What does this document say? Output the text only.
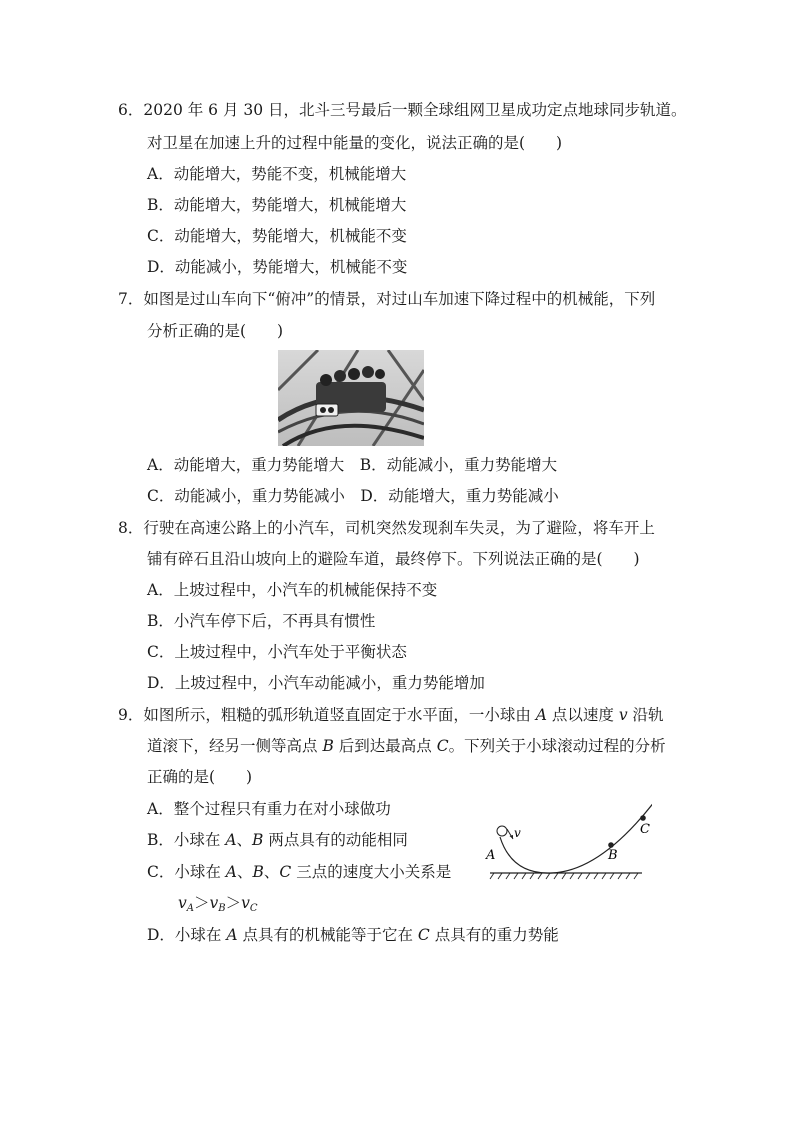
6．2020 年 6 月 30 日，北斗三号最后一颗全球组网卫星成功定点地球同步轨道。
对卫星在加速上升的过程中能量的变化，说法正确的是(　　)
A．动能增大，势能不变，机械能增大
B．动能增大，势能增大，机械能增大
C．动能增大，势能增大，机械能不变
D．动能减小，势能增大，机械能不变
7．如图是过山车向下“俯冲”的情景，对过山车加速下降过程中的机械能，下列
分析正确的是(　　)
A．动能增大，重力势能增大　B．动能减小，重力势能增大
C．动能减小，重力势能减小　D．动能增大，重力势能减小
8．行驶在高速公路上的小汽车，司机突然发现刹车失灵，为了避险，将车开上
铺有碎石且沿山坡向上的避险车道，最终停下。下列说法正确的是(　　)
A．上坡过程中，小汽车的机械能保持不变
B．小汽车停下后，不再具有惯性
C．上坡过程中，小汽车处于平衡状态
D．上坡过程中，小汽车动能减小，重力势能增加
9．如图所示，粗糙的弧形轨道竖直固定于水平面，一小球由 A 点以速度 v 沿轨
道滚下，经另一侧等高点 B 后到达最高点 C。下列关于小球滚动过程的分析
正确的是(　　)
A．整个过程只有重力在对小球做功
B．小球在 A、B 两点具有的动能相同
C．小球在 A、B、C 三点的速度大小关系是
vA＞vB＞vC
D．小球在 A 点具有的机械能等于它在 C 点具有的重力势能
v
A	B
C
